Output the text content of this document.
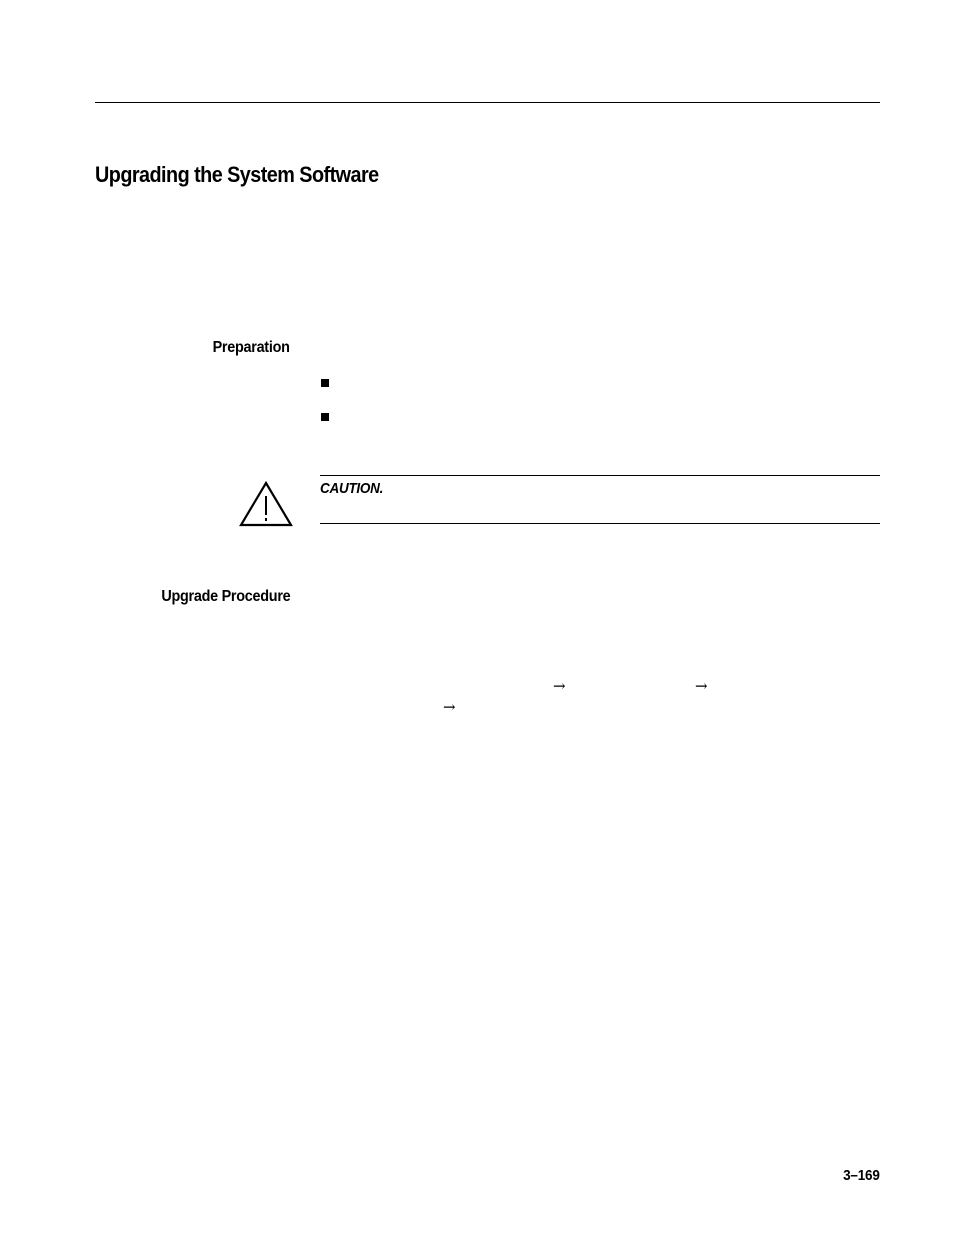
Upgrading the System Software
Preparation

CAUTION.

Upgrade Procedure
→	→
→

3–169
